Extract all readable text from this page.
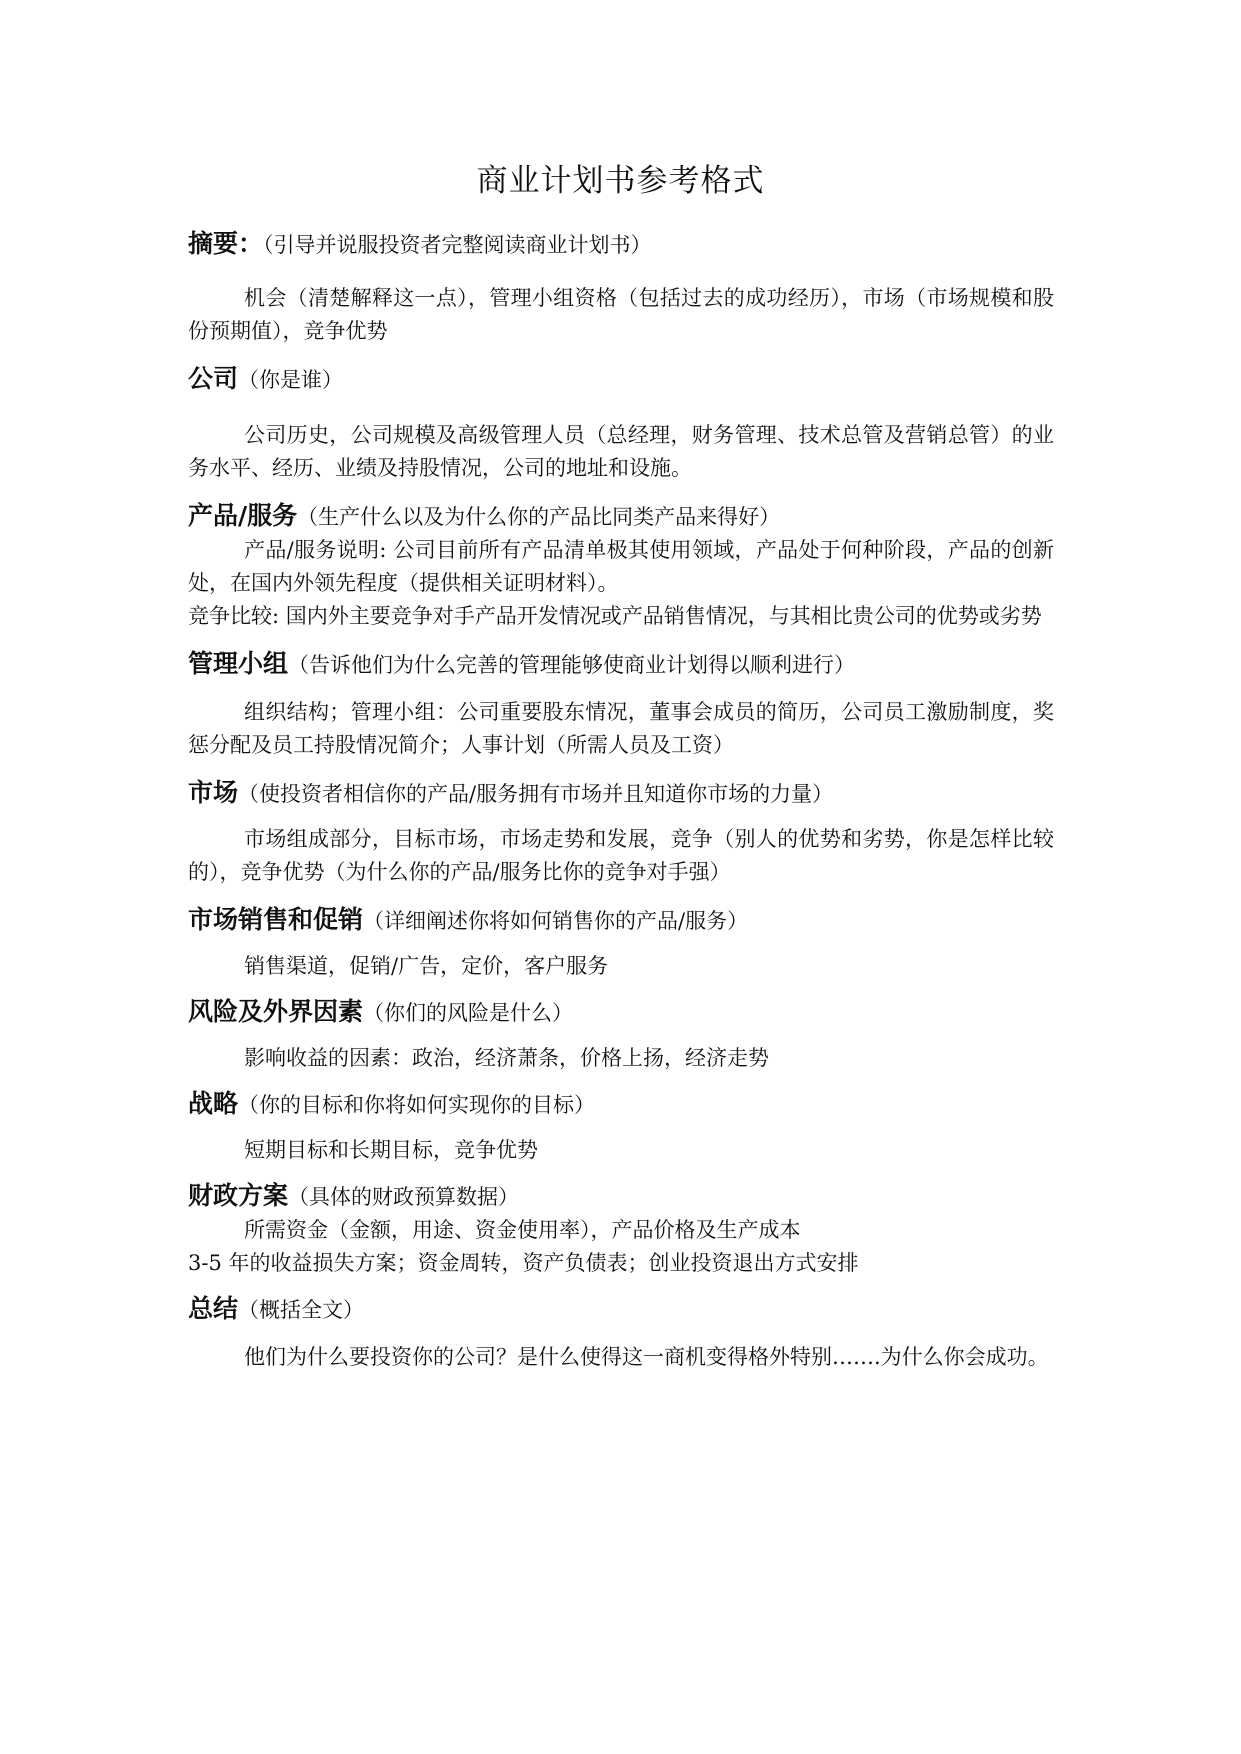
商业计划书参考格式

摘要：（引导并说服投资者完整阅读商业计划书）

机会（清楚解释这一点），管理小组资格（包括过去的成功经历），市场（市场规模和股份预期值），竞争优势

公司（你是谁）

公司历史，公司规模及高级管理人员（总经理，财务管理、技术总管及营销总管）的业务水平、经历、业绩及持股情况，公司的地址和设施。

产品/服务（生产什么以及为什么你的产品比同类产品来得好）

产品/服务说明: 公司目前所有产品清单极其使用领域，产品处于何种阶段，产品的创新处，在国内外领先程度（提供相关证明材料）。

竞争比较: 国内外主要竞争对手产品开发情况或产品销售情况，与其相比贵公司的优势或劣势

管理小组（告诉他们为什么完善的管理能够使商业计划得以顺利进行）

组织结构；管理小组：公司重要股东情况，董事会成员的简历，公司员工激励制度，奖惩分配及员工持股情况简介；人事计划（所需人员及工资）

市场（使投资者相信你的产品/服务拥有市场并且知道你市场的力量）

市场组成部分，目标市场，市场走势和发展，竞争（别人的优势和劣势，你是怎样比较的），竞争优势（为什么你的产品/服务比你的竞争对手强）

市场销售和促销（详细阐述你将如何销售你的产品/服务）

销售渠道，促销/广告，定价，客户服务

风险及外界因素（你们的风险是什么）

影响收益的因素：政治，经济萧条，价格上扬，经济走势

战略（你的目标和你将如何实现你的目标）

短期目标和长期目标，竞争优势

财政方案（具体的财政预算数据）

所需资金（金额，用途、资金使用率），产品价格及生产成本

3-5 年的收益损失方案；资金周转，资产负债表；创业投资退出方式安排

总结（概括全文）

他们为什么要投资你的公司？是什么使得这一商机变得格外特别…….为什么你会成功。
